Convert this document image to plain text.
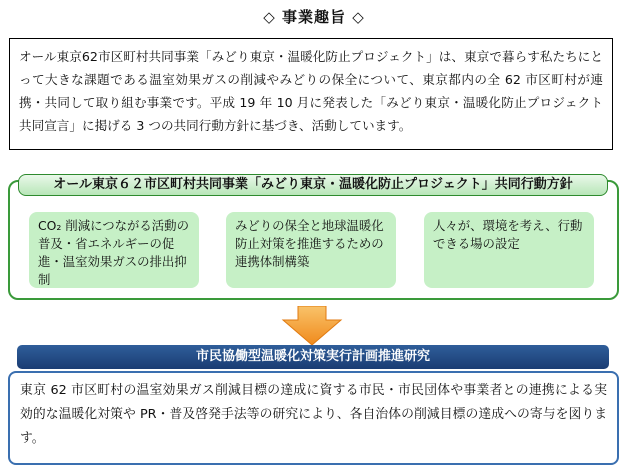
◇ 事業趣旨 ◇
オール東京62市区町村共同事業「みどり東京・温暖化防止プロジェクト」は、東京で暮らす私たちにとって大きな課題である温室効果ガスの削減やみどりの保全について、東京都内の全 62 市区町村が連携・共同して取り組む事業です。平成 19 年 10 月に発表した「みどり東京・温暖化防止プロジェクト共同宣言」に掲げる 3 つの共同行動方針に基づき、活動しています。
オール東京６２市区町村共同事業「みどり東京・温暖化防止プロジェクト」共同行動方針
CO₂ 削減につながる活動の普及・省エネルギーの促進・温室効果ガスの排出抑制
みどりの保全と地球温暖化防止対策を推進するための連携体制構築
人々が、環境を考え、行動できる場の設定
市民協働型温暖化対策実行計画推進研究
東京 62 市区町村の温室効果ガス削減目標の達成に資する市民・市民団体や事業者との連携による実効的な温暖化対策や PR・普及啓発手法等の研究により、各自治体の削減目標の達成への寄与を図ります。
